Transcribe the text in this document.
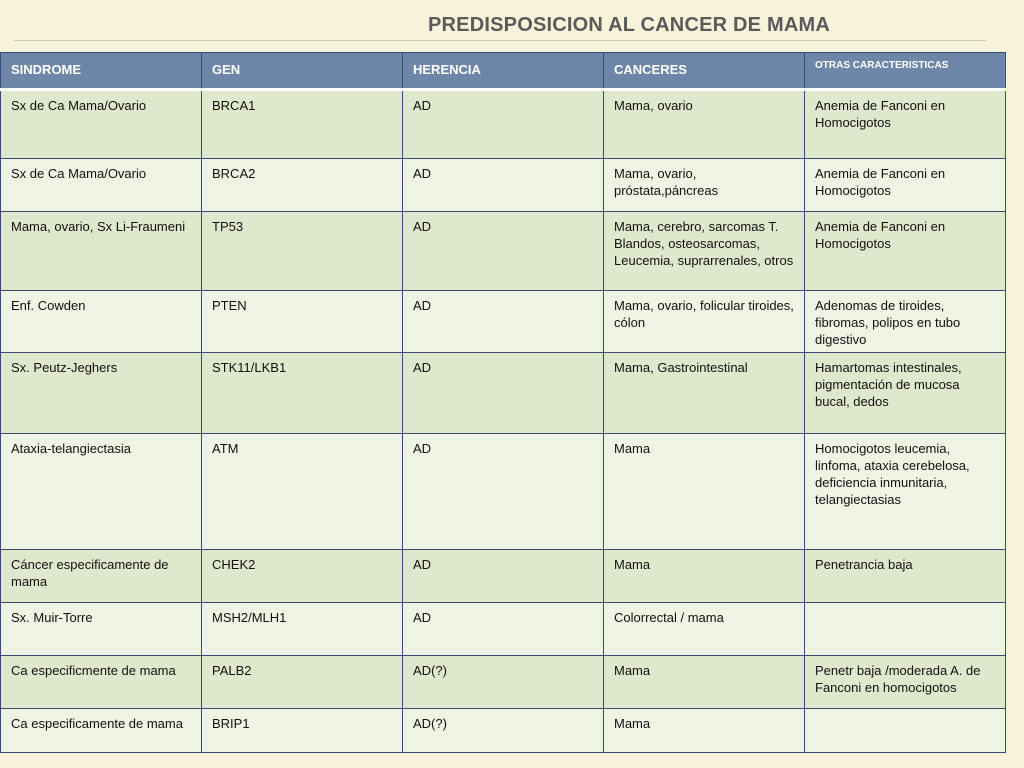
PREDISPOSICION AL CANCER DE MAMA
SINDROME	GEN	HERENCIA	CANCERES	OTRAS CARACTERISTICAS
Sx de Ca Mama/Ovario	BRCA1	AD	Mama, ovario	Anemia de Fanconi en Homocigotos
Sx de Ca Mama/Ovario	BRCA2	AD	Mama, ovario, próstata,páncreas	Anemia de Fanconi en Homocigotos
Mama, ovario, Sx Li-Fraumeni	TP53	AD	Mama, cerebro, sarcomas T. Blandos, osteosarcomas, Leucemia, suprarrenales, otros	Anemia de Fanconi en Homocigotos
Enf. Cowden	PTEN	AD	Mama, ovario, folicular tiroides, cólon	Adenomas de tiroides, fibromas, polipos en tubo digestivo
Sx. Peutz-Jeghers	STK11/LKB1	AD	Mama, Gastrointestinal	Hamartomas intestinales, pigmentación de mucosa bucal, dedos
Ataxia-telangiectasia	ATM	AD	Mama	Homocigotos leucemia, linfoma, ataxia cerebelosa, deficiencia inmunitaria, telangiectasias
Cáncer especificamente de mama	CHEK2	AD	Mama	Penetrancia baja
Sx. Muir-Torre	MSH2/MLH1	AD	Colorrectal / mama	
Ca especificmente de mama	PALB2	AD(?)	Mama	Penetr baja /moderada A. de Fanconi en homocigotos
Ca especificamente de mama	BRIP1	AD(?)	Mama	
